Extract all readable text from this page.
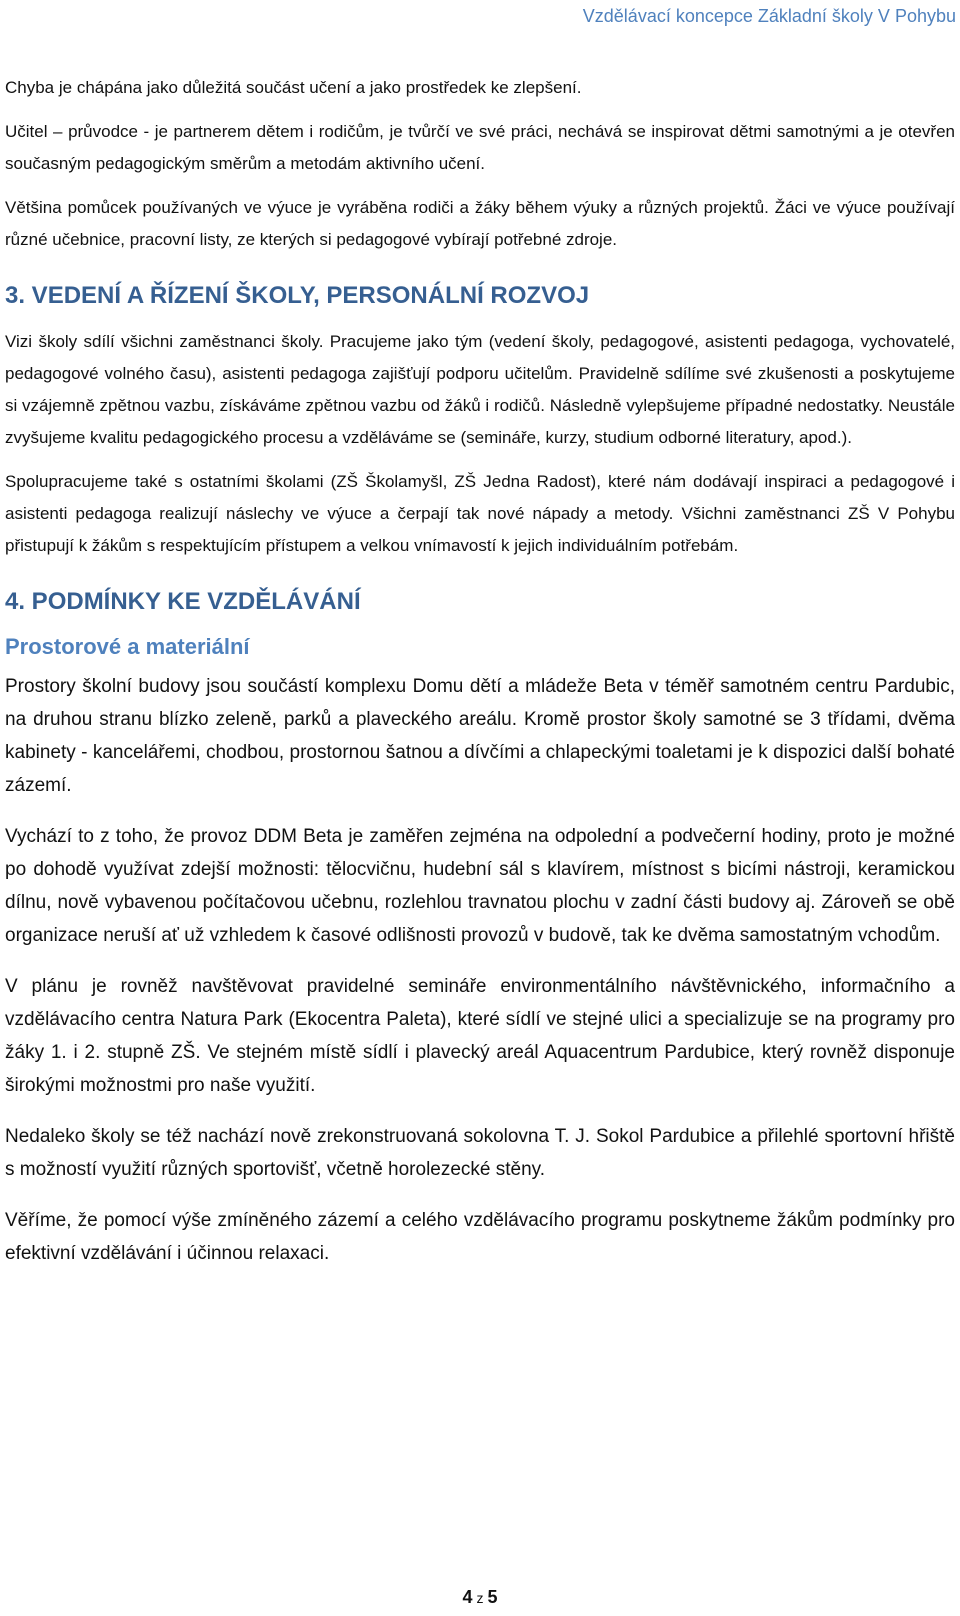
Vzdělávací koncepce Základní školy V Pohybu

Chyba je chápána jako důležitá součást učení a jako prostředek ke zlepšení.

Učitel – průvodce - je partnerem dětem i rodičům, je tvůrčí ve své práci, nechává se inspirovat dětmi samotnými a je otevřen současným pedagogickým směrům a metodám aktivního učení.

Většina pomůcek používaných ve výuce je vyráběna rodiči a žáky během výuky a různých projektů. Žáci ve výuce používají různé učebnice, pracovní listy, ze kterých si pedagogové vybírají potřebné zdroje.

3. VEDENÍ A ŘÍZENÍ ŠKOLY, PERSONÁLNÍ ROZVOJ

Vizi školy sdílí všichni zaměstnanci školy. Pracujeme jako tým (vedení školy, pedagogové, asistenti pedagoga, vychovatelé, pedagogové volného času), asistenti pedagoga zajišťují podporu učitelům. Pravidelně sdílíme své zkušenosti a poskytujeme si vzájemně zpětnou vazbu, získáváme zpětnou vazbu od žáků i rodičů. Následně vylepšujeme případné nedostatky. Neustále zvyšujeme kvalitu pedagogického procesu a vzděláváme se (semináře, kurzy, studium odborné literatury, apod.).

Spolupracujeme také s ostatními školami (ZŠ Školamyšl, ZŠ Jedna Radost), které nám dodávají inspiraci a pedagogové i asistenti pedagoga realizují náslechy ve výuce a čerpají tak nové nápady a metody. Všichni zaměstnanci ZŠ V Pohybu přistupují k žákům s respektujícím přístupem a velkou vnímavostí k jejich individuálním potřebám.

4. PODMÍNKY KE VZDĚLÁVÁNÍ
Prostorové a materiální

Prostory školní budovy jsou součástí komplexu Domu dětí a mládeže Beta v téměř samotném centru Pardubic, na druhou stranu blízko zeleně, parků a plaveckého areálu. Kromě prostor školy samotné se 3 třídami, dvěma kabinety - kancelářemi, chodbou, prostornou šatnou a dívčími a chlapeckými toaletami je k dispozici další bohaté zázemí.

Vychází to z toho, že provoz DDM Beta je zaměřen zejména na odpolední a podvečerní hodiny, proto je možné po dohodě využívat zdejší možnosti: tělocvičnu, hudební sál s klavírem, místnost s bicími nástroji, keramickou dílnu, nově vybavenou počítačovou učebnu, rozlehlou travnatou plochu v zadní části budovy aj. Zároveň se obě organizace neruší ať už vzhledem k časové odlišnosti provozů v budově, tak ke dvěma samostatným vchodům.

V plánu je rovněž navštěvovat pravidelné semináře environmentálního návštěvnického, informačního a vzdělávacího centra Natura Park (Ekocentra Paleta), které sídlí ve stejné ulici a specializuje se na programy pro žáky 1. i 2. stupně ZŠ. Ve stejném místě sídlí i plavecký areál Aquacentrum Pardubice, který rovněž disponuje širokými možnostmi pro naše využití.

Nedaleko školy se též nachází nově zrekonstruovaná sokolovna T. J. Sokol Pardubice a přilehlé sportovní hřiště s možností využití různých sportovišť, včetně horolezecké stěny.

Věříme, že pomocí výše zmíněného zázemí a celého vzdělávacího programu poskytneme žákům podmínky pro efektivní vzdělávání i účinnou relaxaci.

4 z 5
